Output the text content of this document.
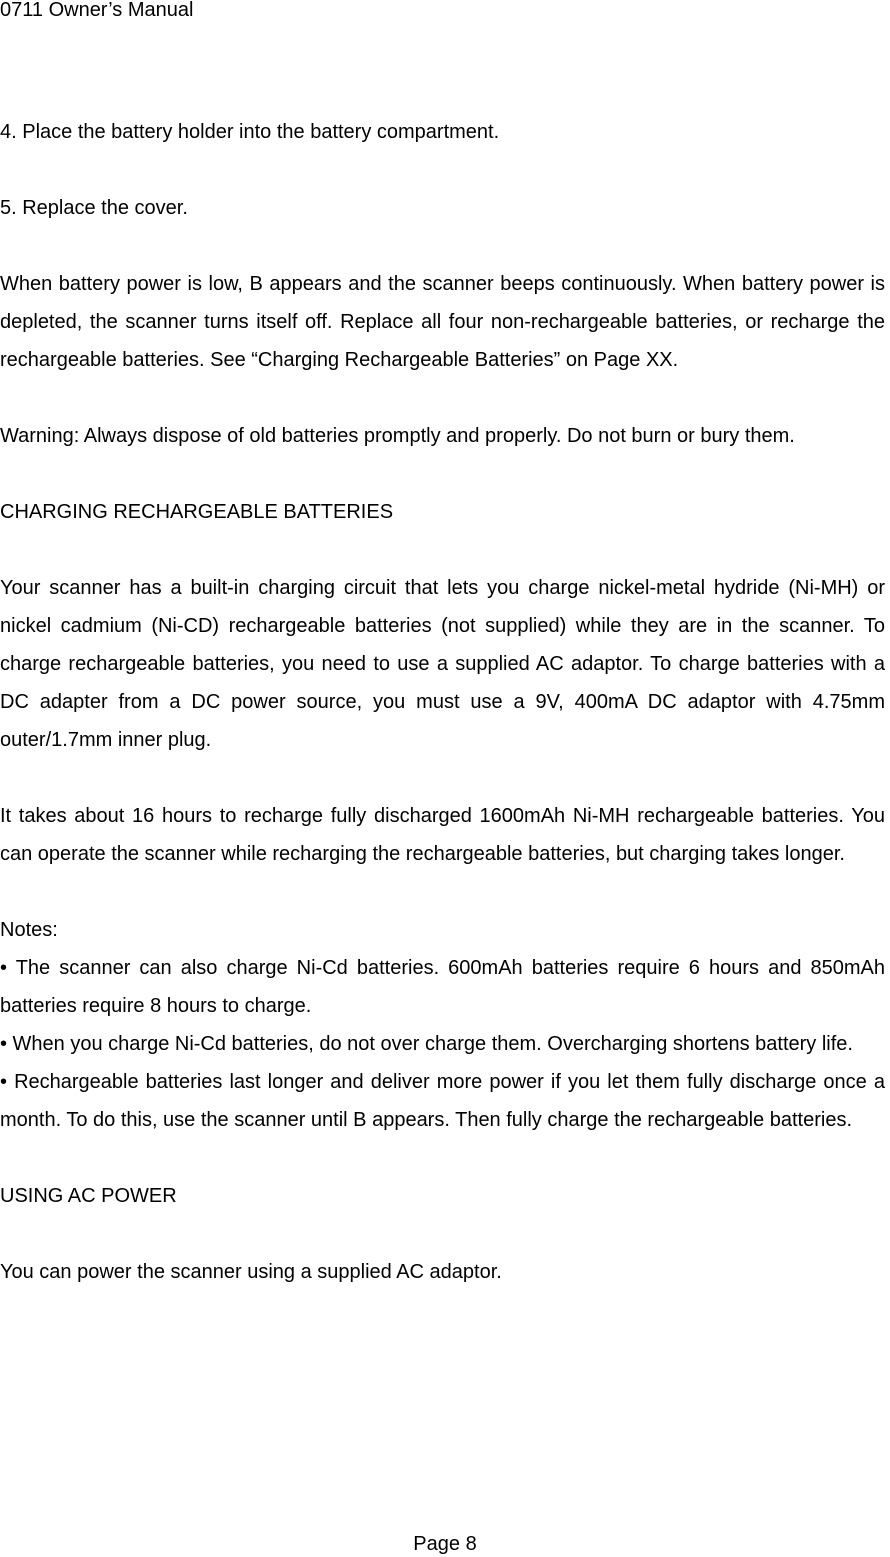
0711 Owner’s Manual

4. Place the battery holder into the battery compartment.

5. Replace the cover.

When battery power is low, B appears and the scanner beeps continuously. When battery power is depleted, the scanner turns itself off. Replace all four non-rechargeable batteries, or recharge the rechargeable batteries. See “Charging Rechargeable Batteries” on Page XX.

Warning: Always dispose of old batteries promptly and properly. Do not burn or bury them.

CHARGING RECHARGEABLE BATTERIES

Your scanner has a built-in charging circuit that lets you charge nickel-metal hydride (Ni-MH) or nickel cadmium (Ni-CD) rechargeable batteries (not supplied) while they are in the scanner. To charge rechargeable batteries, you need to use a supplied AC adaptor. To charge batteries with a DC adapter from a DC power source, you must use a 9V, 400mA DC adaptor with 4.75mm outer/1.7mm inner plug.

It takes about 16 hours to recharge fully discharged 1600mAh Ni-MH rechargeable batteries. You can operate the scanner while recharging the rechargeable batteries, but charging takes longer.

Notes:
• The scanner can also charge Ni-Cd batteries. 600mAh batteries require 6 hours and 850mAh batteries require 8 hours to charge.
• When you charge Ni-Cd batteries, do not over charge them. Overcharging shortens battery life.
• Rechargeable batteries last longer and deliver more power if you let them fully discharge once a month. To do this, use the scanner until B appears. Then fully charge the rechargeable batteries.

USING AC POWER

You can power the scanner using a supplied AC adaptor.

Page 8
